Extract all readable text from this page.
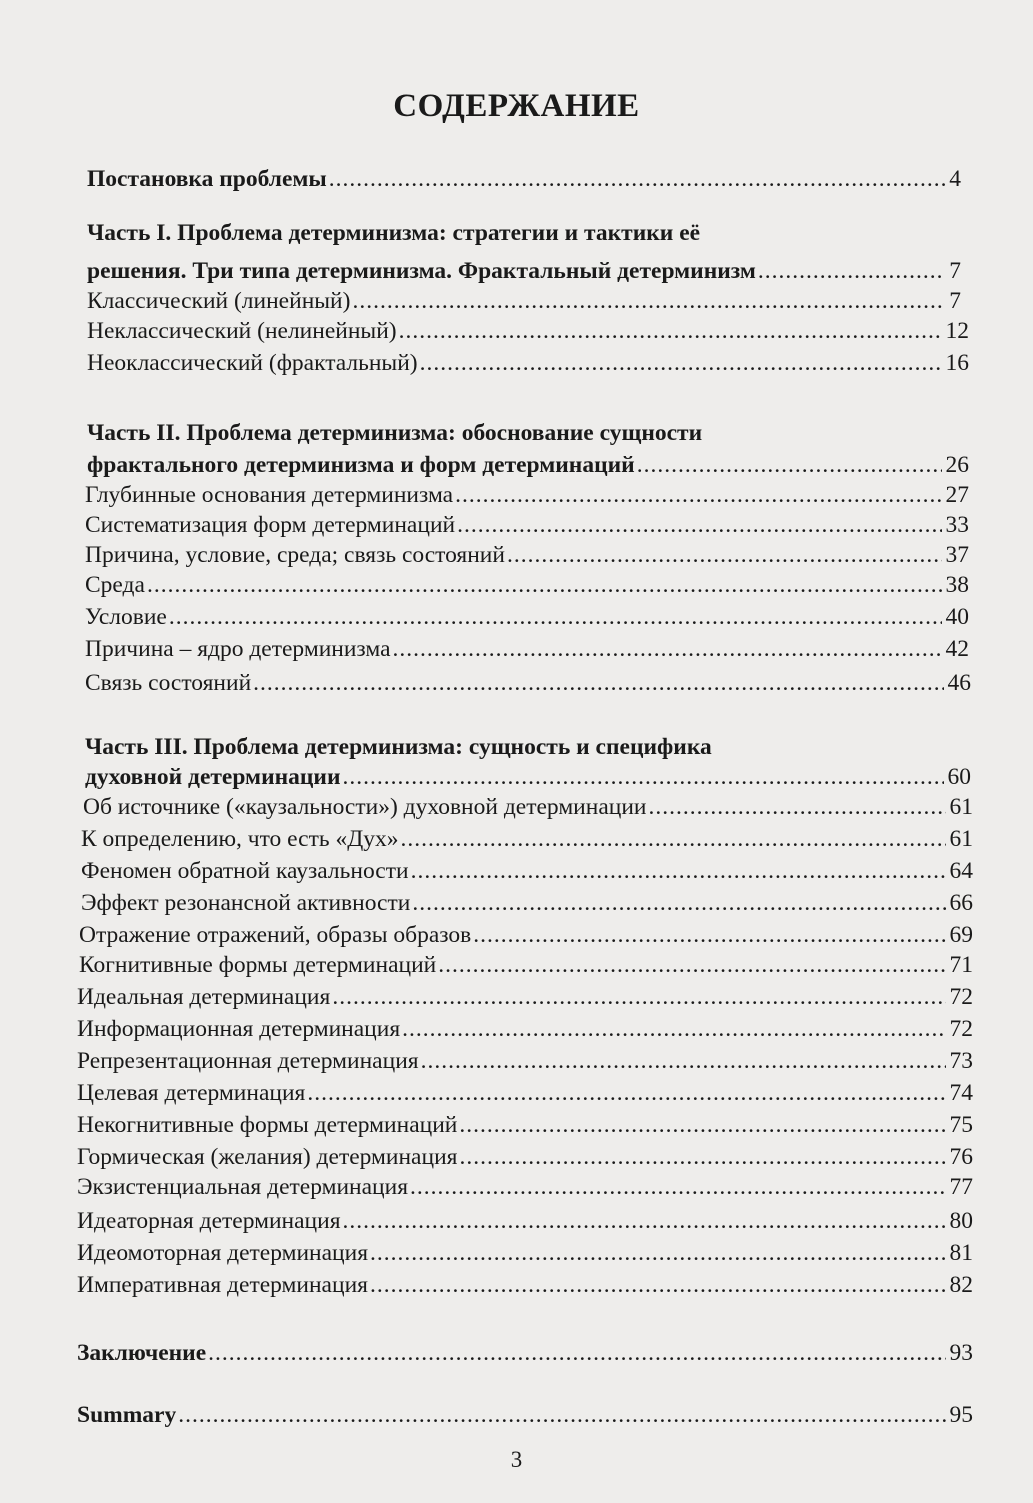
СОДЕРЖАНИЕ
Постановка проблемы .....	4
Часть I. Проблема детерминизма: стратегии и тактики её
решения. Три типа детерминизма. Фрактальный детерминизм .....	7
Классический (линейный) .....	7
Неклассический (нелинейный) .....	12
Неоклассический (фрактальный) .....	16
Часть II. Проблема детерминизма: обоснование сущности
фрактального детерминизма и форм детерминаций .....	26
Глубинные основания детерминизма .....	27
Систематизация форм детерминаций .....	33
Причина, условие, среда; связь состояний .....	37
Среда .....	38
Условие .....	40
Причина – ядро детерминизма .....	42
Связь состояний .....	46
Часть III. Проблема детерминизма: сущность и специфика
духовной детерминации .....	60
Об источнике («каузальности») духовной детерминации .....	61
К определению, что есть «Дух» .....	61
Феномен обратной каузальности .....	64
Эффект резонансной активности .....	66
Отражение отражений, образы образов .....	69
Когнитивные формы детерминаций .....	71
Идеальная детерминация .....	72
Информационная детерминация .....	72
Репрезентационная детерминация .....	73
Целевая детерминация .....	74
Некогнитивные формы детерминаций .....	75
Гормическая (желания) детерминация .....	76
Экзистенциальная детерминация .....	77
Идеаторная детерминация .....	80
Идеомоторная детерминация .....	81
Императивная детерминация .....	82
Заключение .....	93
Summary .....	95
3
